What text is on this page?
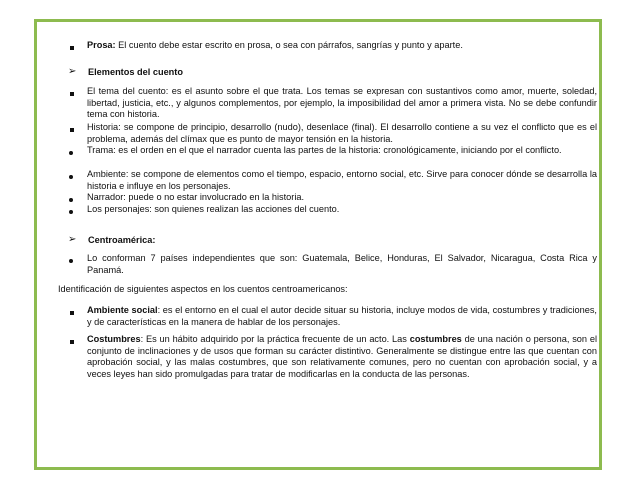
Prosa: El cuento debe estar escrito en prosa, o sea con párrafos, sangrías y punto y aparte.
➢ Elementos del cuento
El tema del cuento: es el asunto sobre el que trata. Los temas se expresan con sustantivos como amor, muerte, soledad, libertad, justicia, etc., y algunos complementos, por ejemplo, la imposibilidad del amor a primera vista. No se debe confundir tema con historia.
Historia: se compone de principio, desarrollo (nudo), desenlace (final). El desarrollo contiene a su vez el conflicto que es el problema, además del clímax que es punto de mayor tensión en la historia.
Trama: es el orden en el que el narrador cuenta las partes de la historia: cronológicamente, iniciando por el conflicto.
Ambiente: se compone de elementos como el tiempo, espacio, entorno social, etc. Sirve para conocer dónde se desarrolla la historia e influye en los personajes.
Narrador: puede o no estar involucrado en la historia.
Los personajes: son quienes realizan las acciones del cuento.
➢ Centroamérica:
Lo conforman 7 países independientes que son: Guatemala, Belice, Honduras, El Salvador, Nicaragua, Costa Rica y Panamá.
Identificación de siguientes aspectos en los cuentos centroamericanos:
Ambiente social: es el entorno en el cual el autor decide situar su historia, incluye modos de vida, costumbres y tradiciones, y de características en la manera de hablar de los personajes.
Costumbres: Es un hábito adquirido por la práctica frecuente de un acto. Las costumbres de una nación o persona, son el conjunto de inclinaciones y de usos que forman su carácter distintivo. Generalmente se distingue entre las que cuentan con aprobación social, y las malas costumbres, que son relativamente comunes, pero no cuentan con aprobación social, y a veces leyes han sido promulgadas para tratar de modificarlas en la conducta de las personas.
